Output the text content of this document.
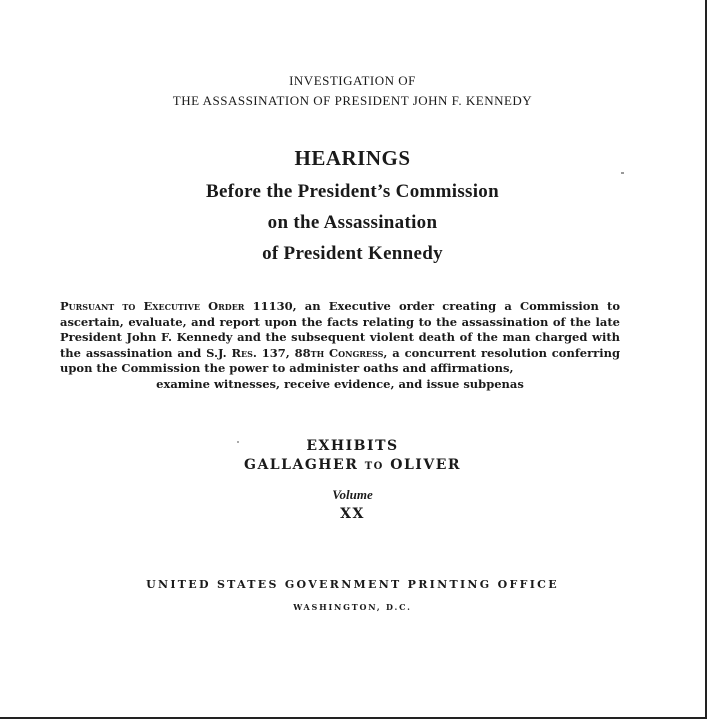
INVESTIGATION OF
THE ASSASSINATION OF PRESIDENT JOHN F. KENNEDY
HEARINGS
Before the President’s Commission
on the Assassination
of President Kennedy
Pursuant to Executive Order 11130, an Executive order creating a Commission to ascertain, evaluate, and report upon the facts relating to the assassination of the late President John F. Kennedy and the subsequent violent death of the man charged with the assassination and S.J. Res. 137, 88th Congress, a concurrent resolution conferring upon the Commission the power to administer oaths and affirmations,
examine witnesses, receive evidence, and issue subpenas
EXHIBITS
GALLAGHER to OLIVER
Volume
XX
UNITED STATES GOVERNMENT PRINTING OFFICE
WASHINGTON, D.C.
